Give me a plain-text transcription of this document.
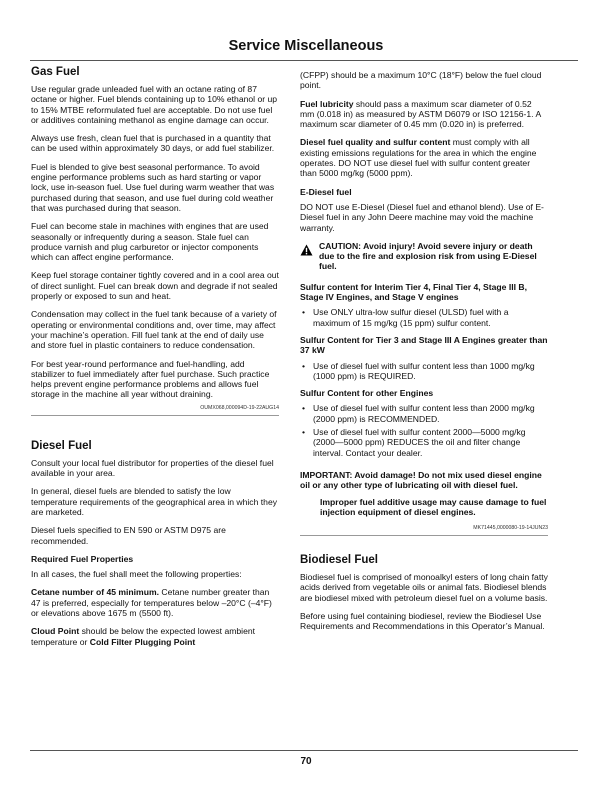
Service Miscellaneous
Gas Fuel

Use regular grade unleaded fuel with an octane rating of 87 octane or higher. Fuel blends containing up to 10% ethanol or up to 15% MTBE reformulated fuel are acceptable. Do not use fuel or additives containing methanol as engine damage can occur.

Always use fresh, clean fuel that is purchased in a quantity that can be used within approximately 30 days, or add fuel stabilizer.

Fuel is blended to give best seasonal performance. To avoid engine performance problems such as hard starting or vapor lock, use in-season fuel. Use fuel during warm weather that was purchased during that season, and use fuel during cold weather that was purchased during that season.

Fuel can become stale in machines with engines that are used seasonally or infrequently during a season. Stale fuel can produce varnish and plug carburetor or injector components which can affect engine performance.

Keep fuel storage container tightly covered and in a cool area out of direct sunlight. Fuel can break down and degrade if not sealed properly or exposed to sun and heat.

Condensation may collect in the fuel tank because of a variety of operating or environmental conditions and, over time, may affect your machine’s operation. Fill fuel tank at the end of daily use and store fuel in plastic containers to reduce condensation.

For best year-round performance and fuel-handling, add stabilizer to fuel immediately after fuel purchase. Such practice helps prevent engine performance problems and allows fuel storage in the machine all year without draining.

OUMX068,000094D-19-22AUG14
Diesel Fuel

Consult your local fuel distributor for properties of the diesel fuel available in your area.

In general, diesel fuels are blended to satisfy the low temperature requirements of the geographical area in which they are marketed.

Diesel fuels specified to EN 590 or ASTM D975 are recommended.

Required Fuel Properties

In all cases, the fuel shall meet the following properties:

Cetane number of 45 minimum. Cetane number greater than 47 is preferred, especially for temperatures below –20°C (–4°F) or elevations above 1675 m (5500 ft).

Cloud Point should be below the expected lowest ambient temperature or Cold Filter Plugging Point

(CFPP) should be a maximum 10°C (18°F) below the fuel cloud point.

Fuel lubricity should pass a maximum scar diameter of 0.52 mm (0.018 in) as measured by ASTM D6079 or ISO 12156-1. A maximum scar diameter of 0.45 mm (0.020 in) is preferred.

Diesel fuel quality and sulfur content must comply with all existing emissions regulations for the area in which the engine operates. DO NOT use diesel fuel with sulfur content greater than 5000 mg/kg (5000 ppm).

E-Diesel fuel

DO NOT use E-Diesel (Diesel fuel and ethanol blend). Use of E-Diesel fuel in any John Deere machine may void the machine warranty.

CAUTION: Avoid injury! Avoid severe injury or death due to the fire and explosion risk from using E-Diesel fuel.
Sulfur content for Interim Tier 4, Final Tier 4, Stage III B, Stage IV Engines, and Stage V engines
• Use ONLY ultra-low sulfur diesel (ULSD) fuel with a maximum of 15 mg/kg (15 ppm) sulfur content.
Sulfur Content for Tier 3 and Stage III A Engines greater than 37 kW
• Use of diesel fuel with sulfur content less than 1000 mg/kg (1000 ppm) is REQUIRED.
Sulfur Content for other Engines
• Use of diesel fuel with sulfur content less than 2000 mg/kg (2000 ppm) is RECOMMENDED.
• Use of diesel fuel with sulfur content 2000—5000 mg/kg (2000—5000 ppm) REDUCES the oil and filter change interval. Contact your dealer.
IMPORTANT: Avoid damage! Do not mix used diesel engine oil or any other type of lubricating oil with diesel fuel.
Improper fuel additive usage may cause damage to fuel injection equipment of diesel engines.
MK71445,0000080-19-14JUN23
Biodiesel Fuel

Biodiesel fuel is comprised of monoalkyl esters of long chain fatty acids derived from vegetable oils or animal fats. Biodiesel blends are biodiesel mixed with petroleum diesel fuel on a volume basis.

Before using fuel containing biodiesel, review the Biodiesel Use Requirements and Recommendations in this Operator’s Manual.

70
